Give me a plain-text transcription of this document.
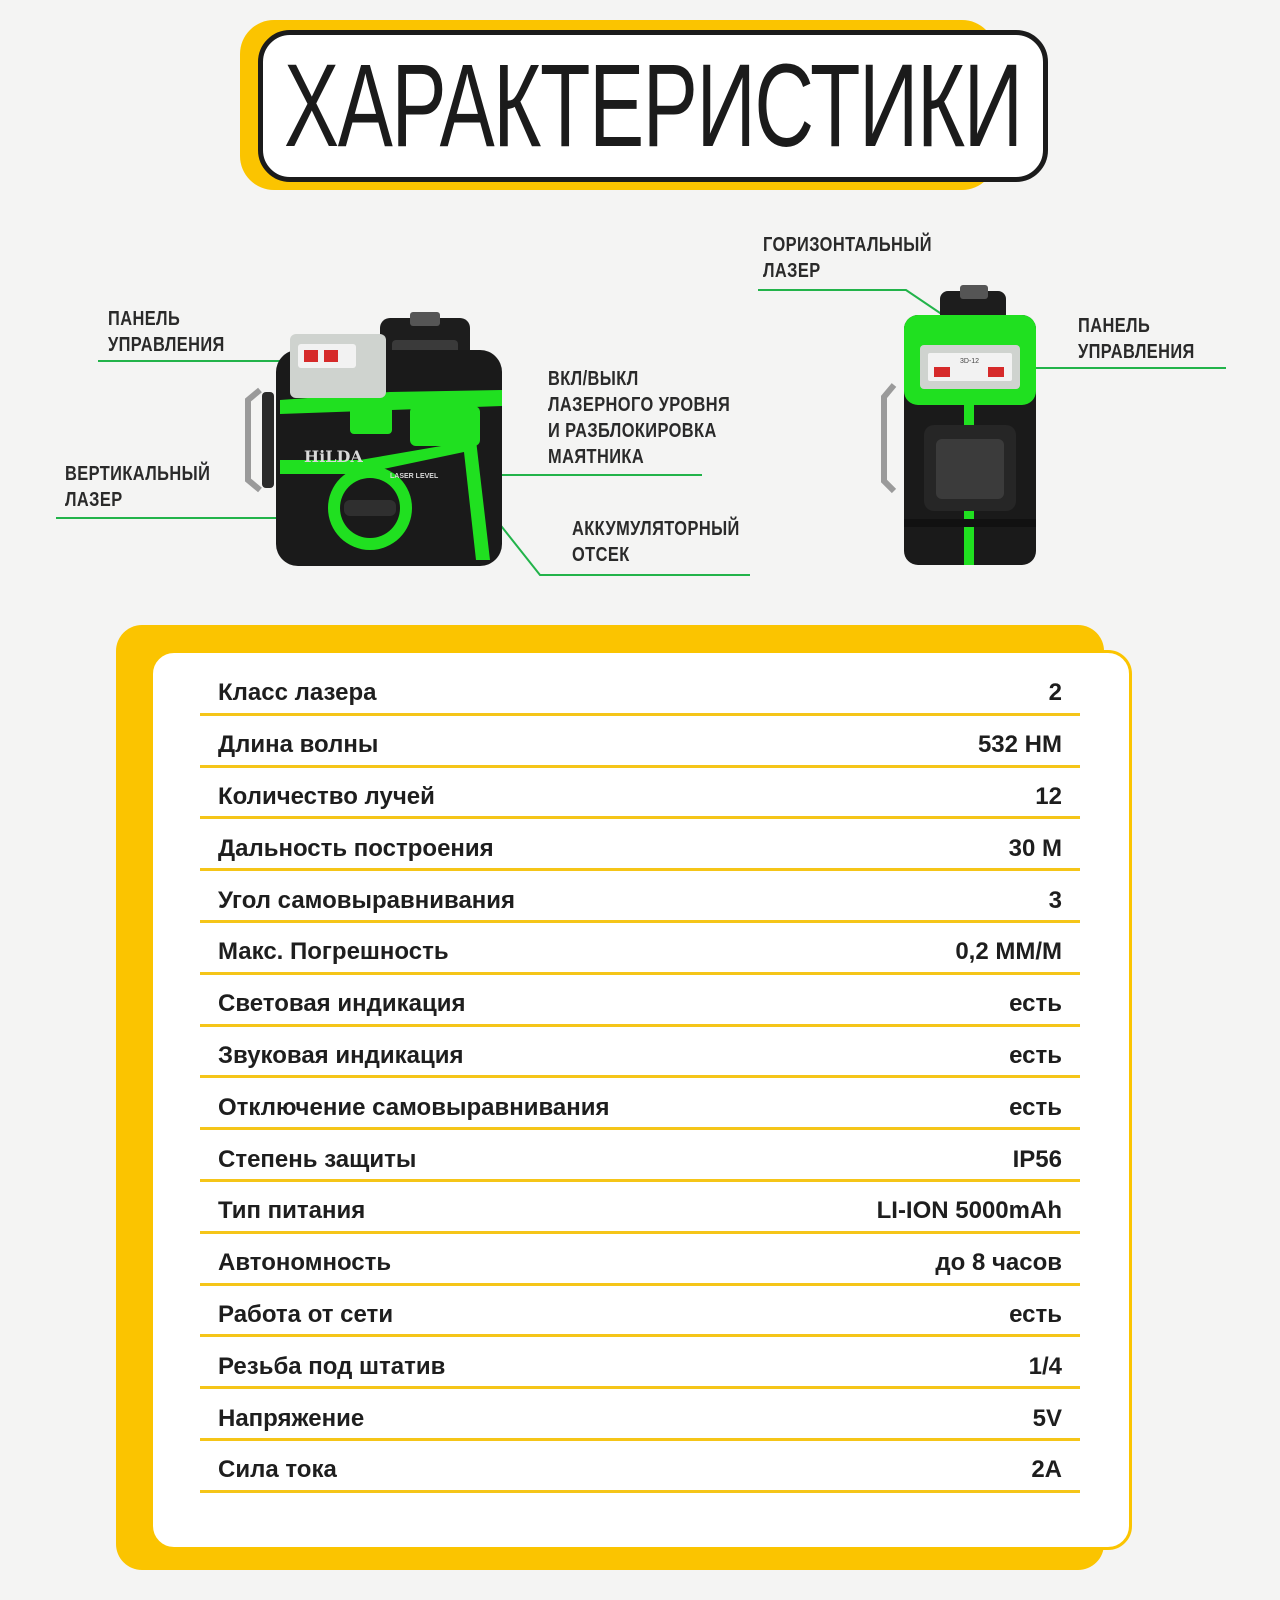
ХАРАКТЕРИСТИКИ
ПАНЕЛЬ
УПРАВЛЕНИЯ
ВЕРТИКАЛЬНЫЙ
ЛАЗЕР
ВКЛ/ВЫКЛ
ЛАЗЕРНОГО УРОВНЯ
И РАЗБЛОКИРОВКА
МАЯТНИКА
АККУМУЛЯТОРНЫЙ
ОТСЕК
ГОРИЗОНТАЛЬНЫЙ
ЛАЗЕР
ПАНЕЛЬ
УПРАВЛЕНИЯ
HiLDA
LASER LEVEL
3D-12
Класс лазера	2
Длина волны	532 НМ
Количество лучей	12
Дальность построения	30 М
Угол самовыравнивания	3
Макс. Погрешность	0,2 ММ/М
Световая индикация	есть
Звуковая индикация	есть
Отключение самовыравнивания	есть
Степень защиты	IP56
Тип питания	LI-ION 5000mAh
Автономность	до 8 часов
Работа от сети	есть
Резьба под штатив	1/4
Напряжение	5V
Сила тока	2A
